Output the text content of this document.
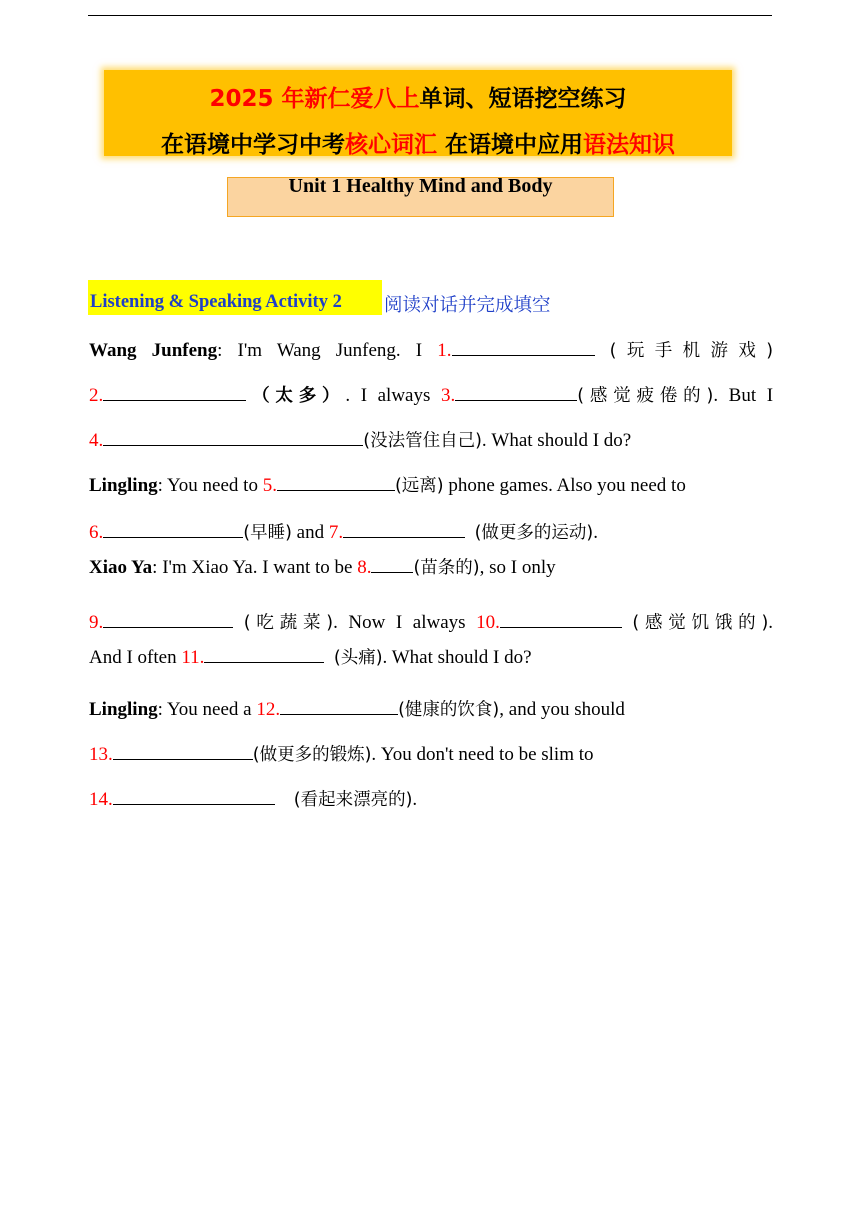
2025 年新仁爱八上单词、短语挖空练习
在语境中学习中考核心词汇 在语境中应用语法知识
Unit 1 Healthy Mind and Body
Listening & Speaking Activity 2 阅读对话并完成填空
Wang Junfeng: I'm Wang Junfeng. I 1.	(玩手机游戏)
2.	（太多）. I always 3.	(感觉疲倦的). But I
4.	(没法管住自己). What should I do?
Lingling: You need to 5.	(远离) phone games. Also you need to
6.	(早睡) and 7.	(做更多的运动).
Xiao Ya: I'm Xiao Ya. I want to be 8. (苗条的), so I only
9.	(吃蔬菜). Now I always 10.	(感觉饥饿的).
And I often 11.	(头痛). What should I do?
Lingling: You need a 12.	(健康的饮食), and you should
13.	(做更多的锻炼). You don't need to be slim to
14.	(看起来漂亮的).
